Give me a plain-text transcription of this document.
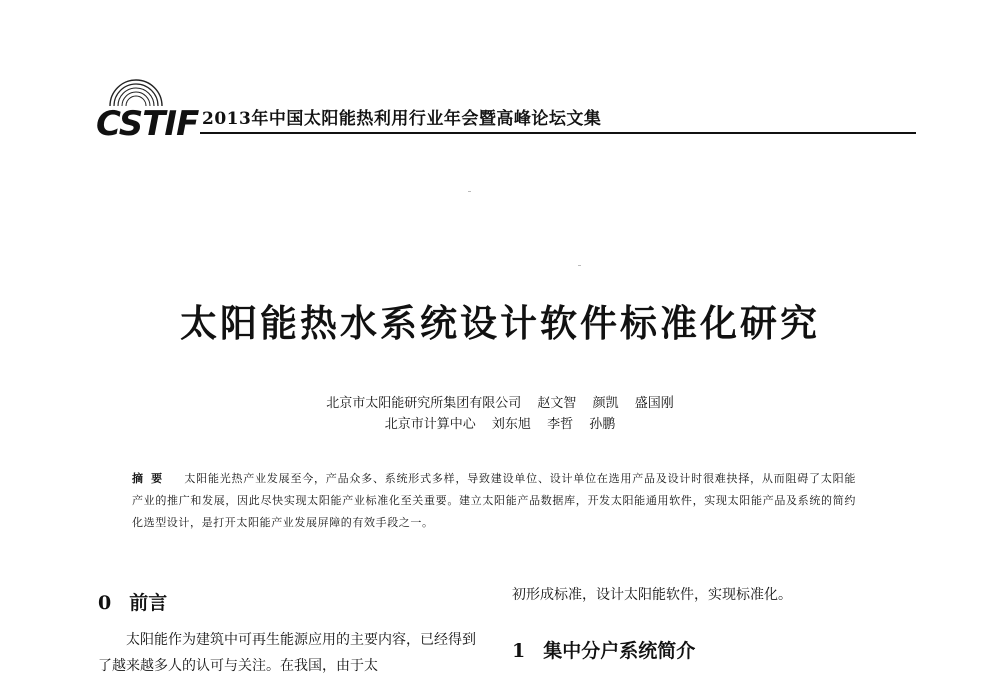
CSTIF 2013年中国太阳能热利用行业年会暨高峰论坛文集
太阳能热水系统设计软件标准化研究
北京市太阳能研究所集团有限公司 赵文智 颜凯 盛国刚
北京市计算中心 刘东旭 李哲 孙鹏
摘要 太阳能光热产业发展至今，产品众多、系统形式多样，导致建设单位、设计单位在选用产品及设计时很难抉择，从而阻碍了太阳能产业的推广和发展，因此尽快实现太阳能产业标准化至关重要。建立太阳能产品数据库，开发太阳能通用软件，实现太阳能产品及系统的简约化选型设计，是打开太阳能产业发展屏障的有效手段之一。
0 前言
太阳能作为建筑中可再生能源应用的主要内容，已经得到了越来越多人的认可与关注。在我国，由于太
初形成标准，设计太阳能软件，实现标准化。
1 集中分户系统简介
